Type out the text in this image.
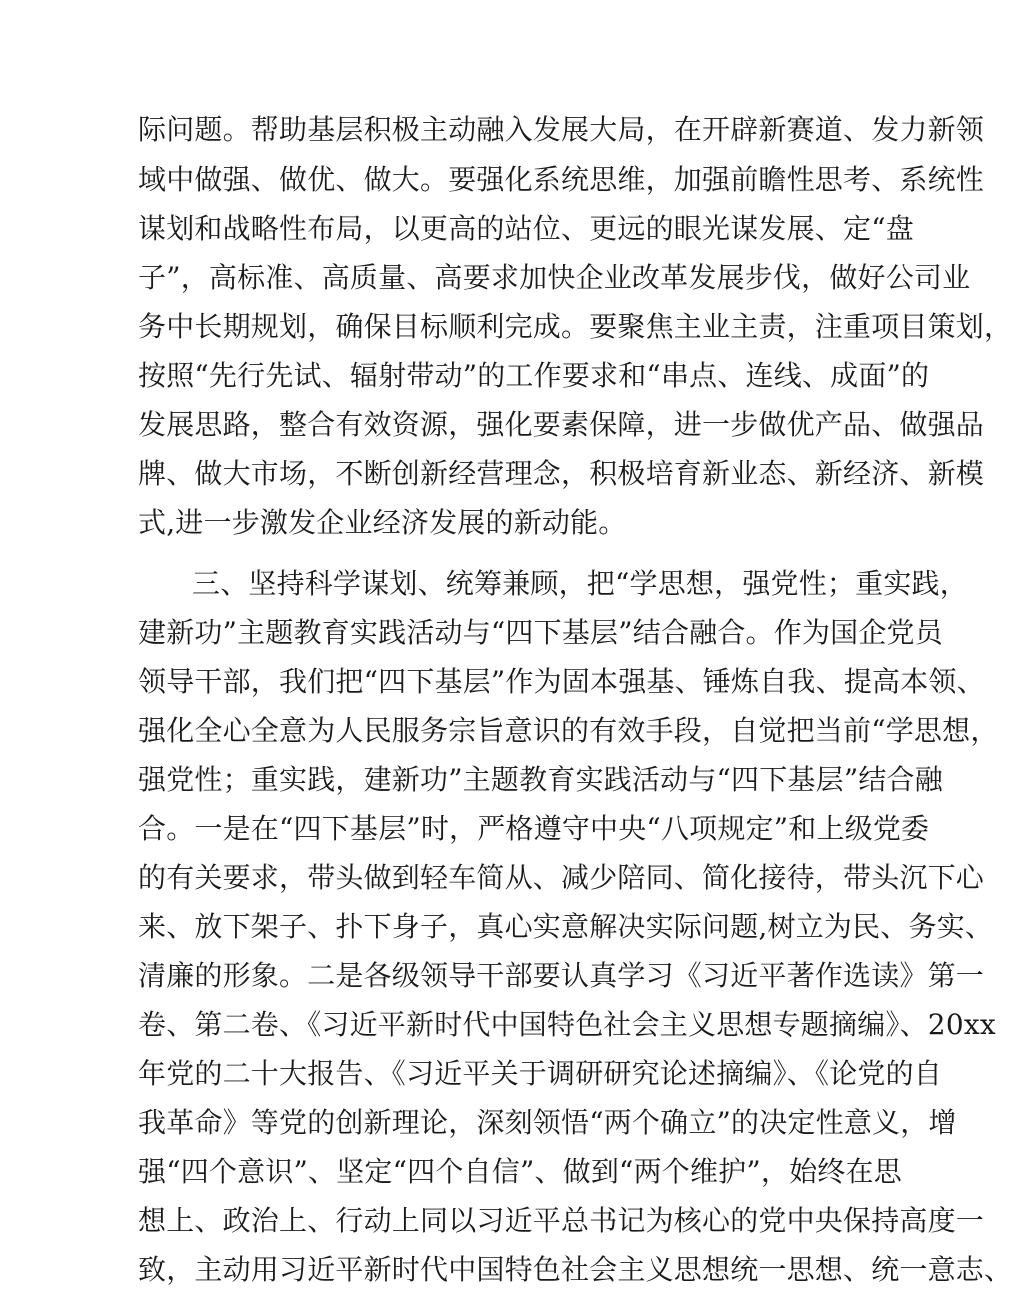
际问题。帮助基层积极主动融入发展大局，在开辟新赛道、发力新领
域中做强、做优、做大。要强化系统思维，加强前瞻性思考、系统性
谋划和战略性布局，以更高的站位、更远的眼光谋发展、定“盘
子”，高标准、高质量、高要求加快企业改革发展步伐，做好公司业
务中长期规划，确保目标顺利完成。要聚焦主业主责，注重项目策划，
按照“先行先试、辐射带动”的工作要求和“串点、连线、成面”的
发展思路，整合有效资源，强化要素保障，进一步做优产品、做强品
牌、做大市场，不断创新经营理念，积极培育新业态、新经济、新模
式,进一步激发企业经济发展的新动能。
三、坚持科学谋划、统筹兼顾，把“学思想，强党性；重实践，
建新功”主题教育实践活动与“四下基层”结合融合。作为国企党员
领导干部，我们把“四下基层”作为固本强基、锤炼自我、提高本领、
强化全心全意为人民服务宗旨意识的有效手段，自觉把当前“学思想，
强党性；重实践，建新功”主题教育实践活动与“四下基层”结合融
合。一是在“四下基层”时，严格遵守中央“八项规定”和上级党委
的有关要求，带头做到轻车简从、减少陪同、简化接待，带头沉下心
来、放下架子、扑下身子，真心实意解决实际问题,树立为民、务实、
清廉的形象。二是各级领导干部要认真学习《习近平著作选读》第一
卷、第二卷、《习近平新时代中国特色社会主义思想专题摘编》、20xx
年党的二十大报告、《习近平关于调研研究论述摘编》、《论党的自
我革命》等党的创新理论，深刻领悟“两个确立”的决定性意义，增
强“四个意识”、坚定“四个自信”、做到“两个维护”，始终在思
想上、政治上、行动上同以习近平总书记为核心的党中央保持高度一
致，主动用习近平新时代中国特色社会主义思想统一思想、统一意志、
